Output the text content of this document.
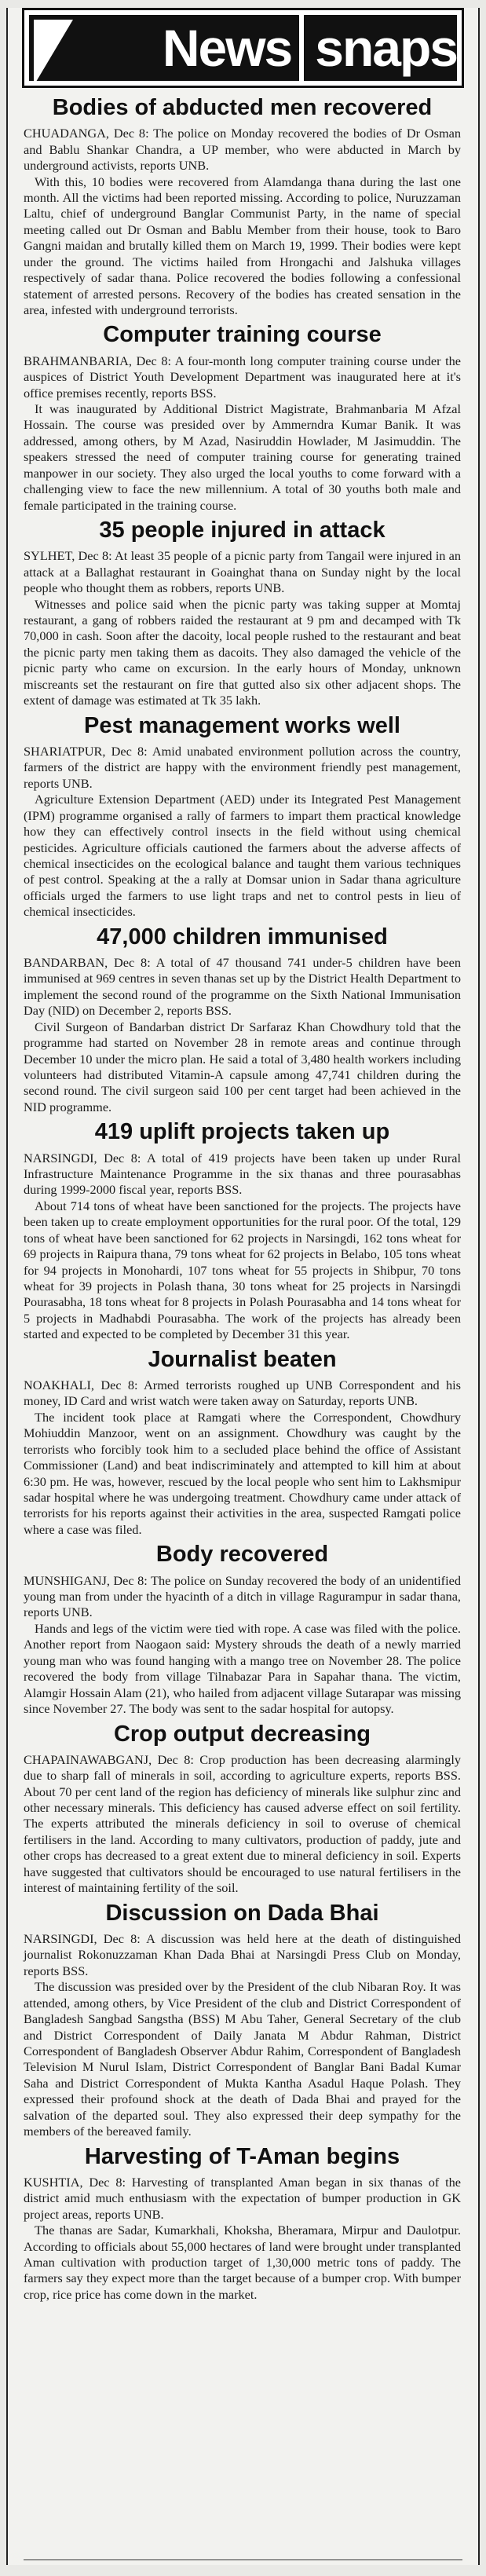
News snaps
Bodies of abducted men recovered

CHUADANGA, Dec 8: The police on Monday recovered the bodies of Dr Osman and Bablu Shankar Chandra, a UP member, who were abducted in March by underground activists, reports UNB.

With this, 10 bodies were recovered from Alamdanga thana during the last one month. All the victims had been reported missing. According to police, Nuruzzaman Laltu, chief of underground Banglar Communist Party, in the name of special meeting called out Dr Osman and Bablu Member from their house, took to Baro Gangni maidan and brutally killed them on March 19, 1999. Their bodies were kept under the ground. The victims hailed from Hrongachi and Jalshuka villages respectively of sadar thana. Police recovered the bodies following a confessional statement of arrested persons. Recovery of the bodies has created sensation in the area, infested with underground terrorists.

Computer training course

BRAHMANBARIA, Dec 8: A four-month long computer training course under the auspices of District Youth Development Department was inaugurated here at it's office premises recently, reports BSS.

It was inaugurated by Additional District Magistrate, Brahmanbaria M Afzal Hossain. The course was presided over by Ammerndra Kumar Banik. It was addressed, among others, by M Azad, Nasiruddin Howlader, M Jasimuddin. The speakers stressed the need of computer training course for generating trained manpower in our society. They also urged the local youths to come forward with a challenging view to face the new millennium. A total of 30 youths both male and female participated in the training course.

35 people injured in attack

SYLHET, Dec 8: At least 35 people of a picnic party from Tangail were injured in an attack at a Ballaghat restaurant in Goainghat thana on Sunday night by the local people who thought them as robbers, reports UNB.

Witnesses and police said when the picnic party was taking supper at Momtaj restaurant, a gang of robbers raided the restaurant at 9 pm and decamped with Tk 70,000 in cash. Soon after the dacoity, local people rushed to the restaurant and beat the picnic party men taking them as dacoits. They also damaged the vehicle of the picnic party who came on excursion. In the early hours of Monday, unknown miscreants set the restaurant on fire that gutted also six other adjacent shops. The extent of damage was estimated at Tk 35 lakh.

Pest management works well

SHARIATPUR, Dec 8: Amid unabated environment pollution across the country, farmers of the district are happy with the environment friendly pest management, reports UNB.

Agriculture Extension Department (AED) under its Integrated Pest Management (IPM) programme organised a rally of farmers to impart them practical knowledge how they can effectively control insects in the field without using chemical pesticides. Agriculture officials cautioned the farmers about the adverse affects of chemical insecticides on the ecological balance and taught them various techniques of pest control. Speaking at the a rally at Domsar union in Sadar thana agriculture officials urged the farmers to use light traps and net to control pests in lieu of chemical insecticides.

47,000 children immunised

BANDARBAN, Dec 8: A total of 47 thousand 741 under-5 children have been immunised at 969 centres in seven thanas set up by the District Health Department to implement the second round of the programme on the Sixth National Immunisation Day (NID) on December 2, reports BSS.

Civil Surgeon of Bandarban district Dr Sarfaraz Khan Chowdhury told that the programme had started on November 28 in remote areas and continue through December 10 under the micro plan. He said a total of 3,480 health workers including volunteers had distributed Vitamin-A capsule among 47,741 children during the second round. The civil surgeon said 100 per cent target had been achieved in the NID programme.

419 uplift projects taken up

NARSINGDI, Dec 8: A total of 419 projects have been taken up under Rural Infrastructure Maintenance Programme in the six thanas and three pourasabhas during 1999-2000 fiscal year, reports BSS.

About 714 tons of wheat have been sanctioned for the projects. The projects have been taken up to create employment opportunities for the rural poor. Of the total, 129 tons of wheat have been sanctioned for 62 projects in Narsingdi, 162 tons wheat for 69 projects in Raipura thana, 79 tons wheat for 62 projects in Belabo, 105 tons wheat for 94 projects in Monohardi, 107 tons wheat for 55 projects in Shibpur, 70 tons wheat for 39 projects in Polash thana, 30 tons wheat for 25 projects in Narsingdi Pourasabha, 18 tons wheat for 8 projects in Polash Pourasabha and 14 tons wheat for 5 projects in Madhabdi Pourasabha. The work of the projects has already been started and expected to be completed by December 31 this year.

Journalist beaten

NOAKHALI, Dec 8: Armed terrorists roughed up UNB Correspondent and his money, ID Card and wrist watch were taken away on Saturday, reports UNB.

The incident took place at Ramgati where the Correspondent, Chowdhury Mohiuddin Manzoor, went on an assignment. Chowdhury was caught by the terrorists who forcibly took him to a secluded place behind the office of Assistant Commissioner (Land) and beat indiscriminately and attempted to kill him at about 6:30 pm. He was, however, rescued by the local people who sent him to Lakhsmipur sadar hospital where he was undergoing treatment. Chowdhury came under attack of terrorists for his reports against their activities in the area, suspected Ramgati police where a case was filed.

Body recovered

MUNSHIGANJ, Dec 8: The police on Sunday recovered the body of an unidentified young man from under the hyacinth of a ditch in village Ragurampur in sadar thana, reports UNB.

Hands and legs of the victim were tied with rope. A case was filed with the police. Another report from Naogaon said: Mystery shrouds the death of a newly married young man who was found hanging with a mango tree on November 28. The police recovered the body from village Tilnabazar Para in Sapahar thana. The victim, Alamgir Hossain Alam (21), who hailed from adjacent village Sutarapar was missing since November 27. The body was sent to the sadar hospital for autopsy.

Crop output decreasing

CHAPAINAWABGANJ, Dec 8: Crop production has been decreasing alarmingly due to sharp fall of minerals in soil, according to agriculture experts, reports BSS. About 70 per cent land of the region has deficiency of minerals like sulphur zinc and other necessary minerals. This deficiency has caused adverse effect on soil fertility. The experts attributed the minerals deficiency in soil to overuse of chemical fertilisers in the land. According to many cultivators, production of paddy, jute and other crops has decreased to a great extent due to mineral deficiency in soil. Experts have suggested that cultivators should be encouraged to use natural fertilisers in the interest of maintaining fertility of the soil.

Discussion on Dada Bhai

NARSINGDI, Dec 8: A discussion was held here at the death of distinguished journalist Rokonuzzaman Khan Dada Bhai at Narsingdi Press Club on Monday, reports BSS.

The discussion was presided over by the President of the club Nibaran Roy. It was attended, among others, by Vice President of the club and District Correspondent of Bangladesh Sangbad Sangstha (BSS) M Abu Taher, General Secretary of the club and District Correspondent of Daily Janata M Abdur Rahman, District Correspondent of Bangladesh Observer Abdur Rahim, Correspondent of Bangladesh Television M Nurul Islam, District Correspondent of Banglar Bani Badal Kumar Saha and District Correspondent of Mukta Kantha Asadul Haque Polash. They expressed their profound shock at the death of Dada Bhai and prayed for the salvation of the departed soul. They also expressed their deep sympathy for the members of the bereaved family.

Harvesting of T-Aman begins

KUSHTIA, Dec 8: Harvesting of transplanted Aman began in six thanas of the district amid much enthusiasm with the expectation of bumper production in GK project areas, reports UNB.

The thanas are Sadar, Kumarkhali, Khoksha, Bheramara, Mirpur and Daulotpur. According to officials about 55,000 hectares of land were brought under transplanted Aman cultivation with production target of 1,30,000 metric tons of paddy. The farmers say they expect more than the target because of a bumper crop. With bumper crop, rice price has come down in the market.
